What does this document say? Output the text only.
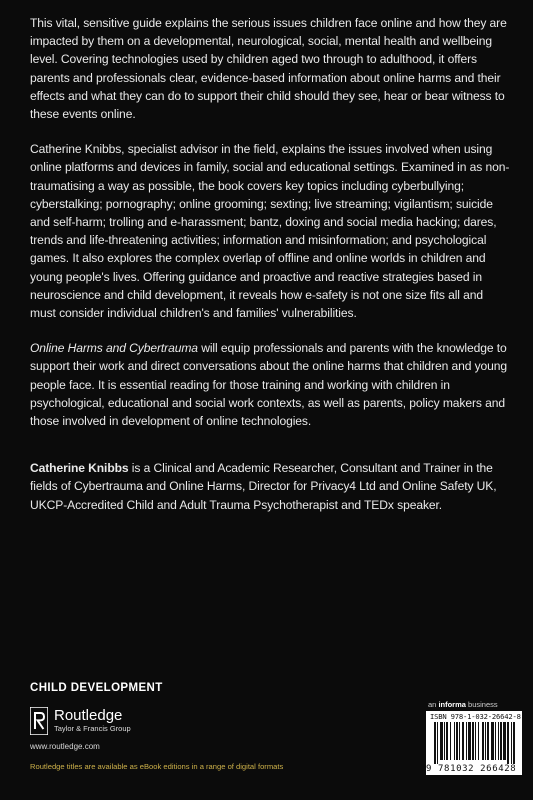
This vital, sensitive guide explains the serious issues children face online and how they are impacted by them on a developmental, neurological, social, mental health and wellbeing level. Covering technologies used by children aged two through to adulthood, it offers parents and professionals clear, evidence-based information about online harms and their effects and what they can do to support their child should they see, hear or bear witness to these events online.

Catherine Knibbs, specialist advisor in the field, explains the issues involved when using online platforms and devices in family, social and educational settings. Examined in as non-traumatising a way as possible, the book covers key topics including cyberbullying; cyberstalking; pornography; online grooming; sexting; live streaming; vigilantism; suicide and self-harm; trolling and e-harassment; bantz, doxing and social media hacking; dares, trends and life-threatening activities; information and misinformation; and psychological games. It also explores the complex overlap of offline and online worlds in children and young people's lives. Offering guidance and proactive and reactive strategies based in neuroscience and child development, it reveals how e-safety is not one size fits all and must consider individual children's and families' vulnerabilities.

Online Harms and Cybertrauma will equip professionals and parents with the knowledge to support their work and direct conversations about the online harms that children and young people face. It is essential reading for those training and working with children in psychological, educational and social work contexts, as well as parents, policy makers and those involved in development of online technologies.

Catherine Knibbs is a Clinical and Academic Researcher, Consultant and Trainer in the fields of Cybertrauma and Online Harms, Director for Privacy4 Ltd and Online Safety UK, UKCP-Accredited Child and Adult Trauma Psychotherapist and TEDx speaker.

CHILD DEVELOPMENT
Routledge
Taylor & Francis Group
www.routledge.com
Routledge titles are available as eBook editions in a range of digital formats
an informa business
ISBN 978-1-032-26642-8
9 781032 266428
